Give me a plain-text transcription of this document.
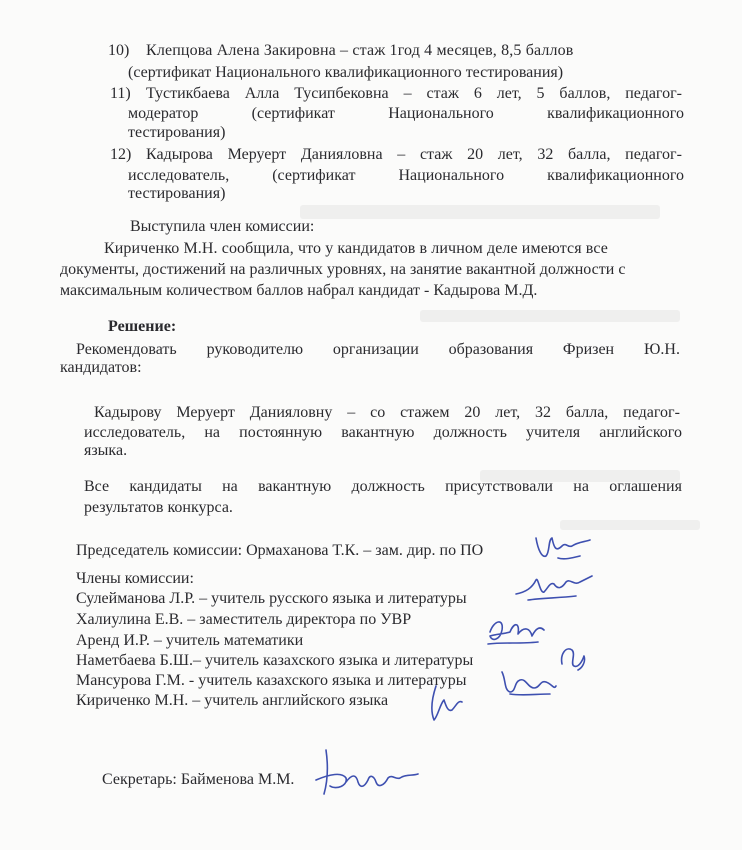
10) Клепцова Алена Закировна – стаж 1год 4 месяцев, 8,5 баллов
(сертификат Национального квалификационного тестирования)
11) Тустикбаева Алла Тусипбековна – стаж 6 лет, 5 баллов, педагог-
модератор	(сертификат	Национального	квалификационного
тестирования)
12) Кадырова Меруерт Данияловна – стаж 20 лет, 32 балла, педагог-
исследователь,	(сертификат	Национального	квалификационного
тестирования)
Выступила член комиссии:
Кириченко М.Н. сообщила, что у кандидатов в личном деле имеются все
документы, достижений на различных уровнях, на занятие вакантной должности с
максимальным количеством баллов набрал кандидат - Кадырова М.Д.
Решение:
Рекомендовать руководителю организации образования Фризен Ю.Н.
кандидатов:
Кадырову Меруерт Данияловну – со стажем 20 лет, 32 балла, педагог-
исследователь, на постоянную вакантную должность учителя английского
языка.
Все кандидаты на вакантную должность присутствовали на оглашения
результатов конкурса.
Председатель комиссии: Ормаханова Т.К. – зам. дир. по ПО
Члены комиссии:
Сулейманова Л.Р. – учитель русского языка и литературы
Халиулина Е.В. – заместитель директора по УВР
Аренд И.Р. – учитель математики
Наметбаева Б.Ш.– учитель казахского языка и литературы
Мансурова Г.М. - учитель казахского языка и литературы
Кириченко М.Н. – учитель английского языка
Секретарь: Байменова М.М.
